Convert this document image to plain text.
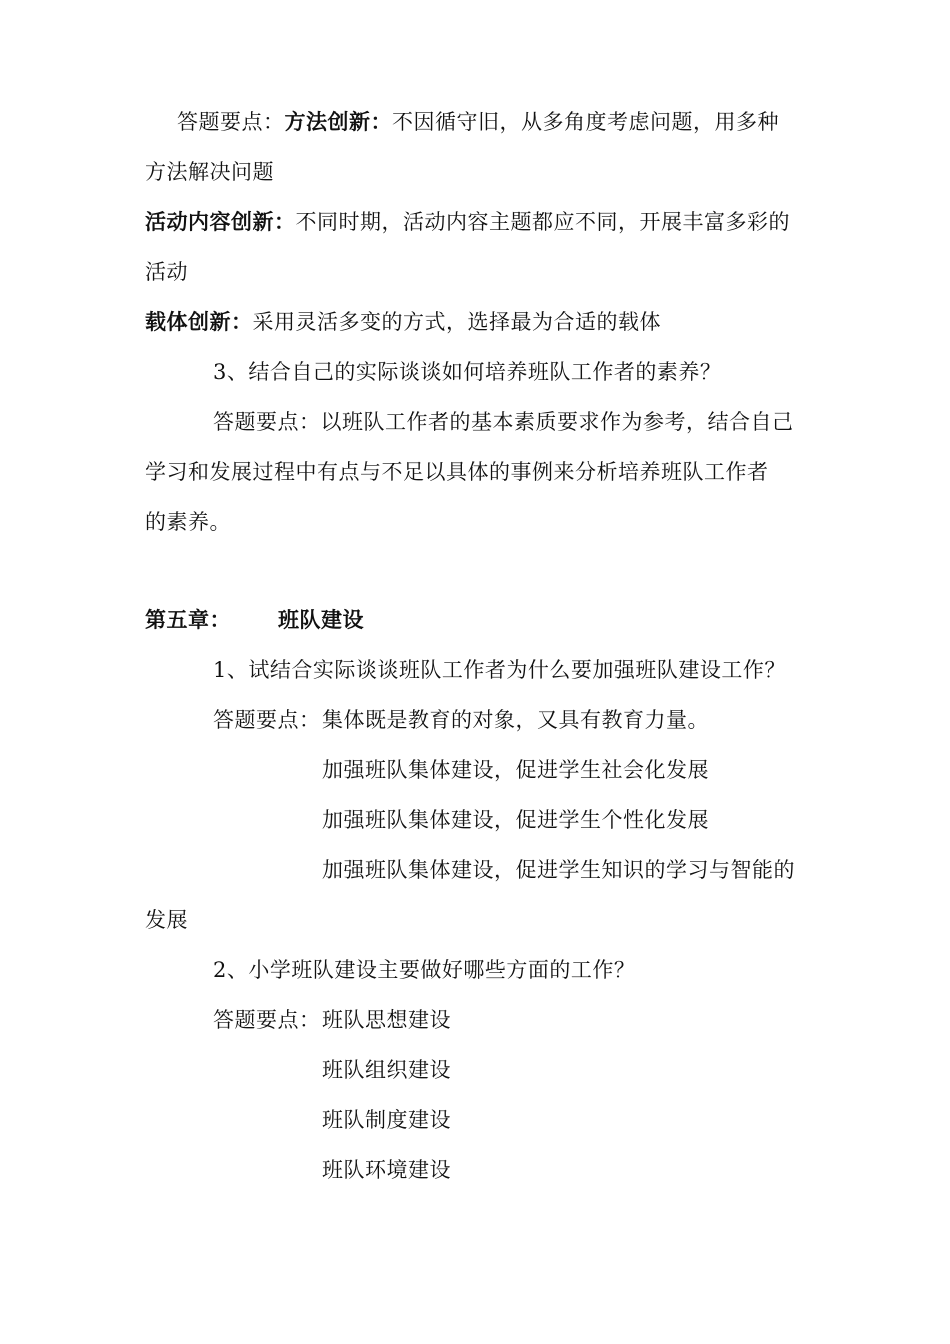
答题要点：方法创新：不因循守旧，从多角度考虑问题，用多种
方法解决问题
活动内容创新：不同时期，活动内容主题都应不同，开展丰富多彩的
活动
载体创新：采用灵活多变的方式，选择最为合适的载体
3、结合自己的实际谈谈如何培养班队工作者的素养？
答题要点：以班队工作者的基本素质要求作为参考，结合自己
学习和发展过程中有点与不足以具体的事例来分析培养班队工作者
的素养。
第五章： 班队建设
1、试结合实际谈谈班队工作者为什么要加强班队建设工作？
答题要点： 集体既是教育的对象，又具有教育力量。
加强班队集体建设，促进学生社会化发展
加强班队集体建设，促进学生个性化发展
加强班队集体建设，促进学生知识的学习与智能的
发展
2、小学班队建设主要做好哪些方面的工作？
答题要点： 班队思想建设
班队组织建设
班队制度建设
班队环境建设
